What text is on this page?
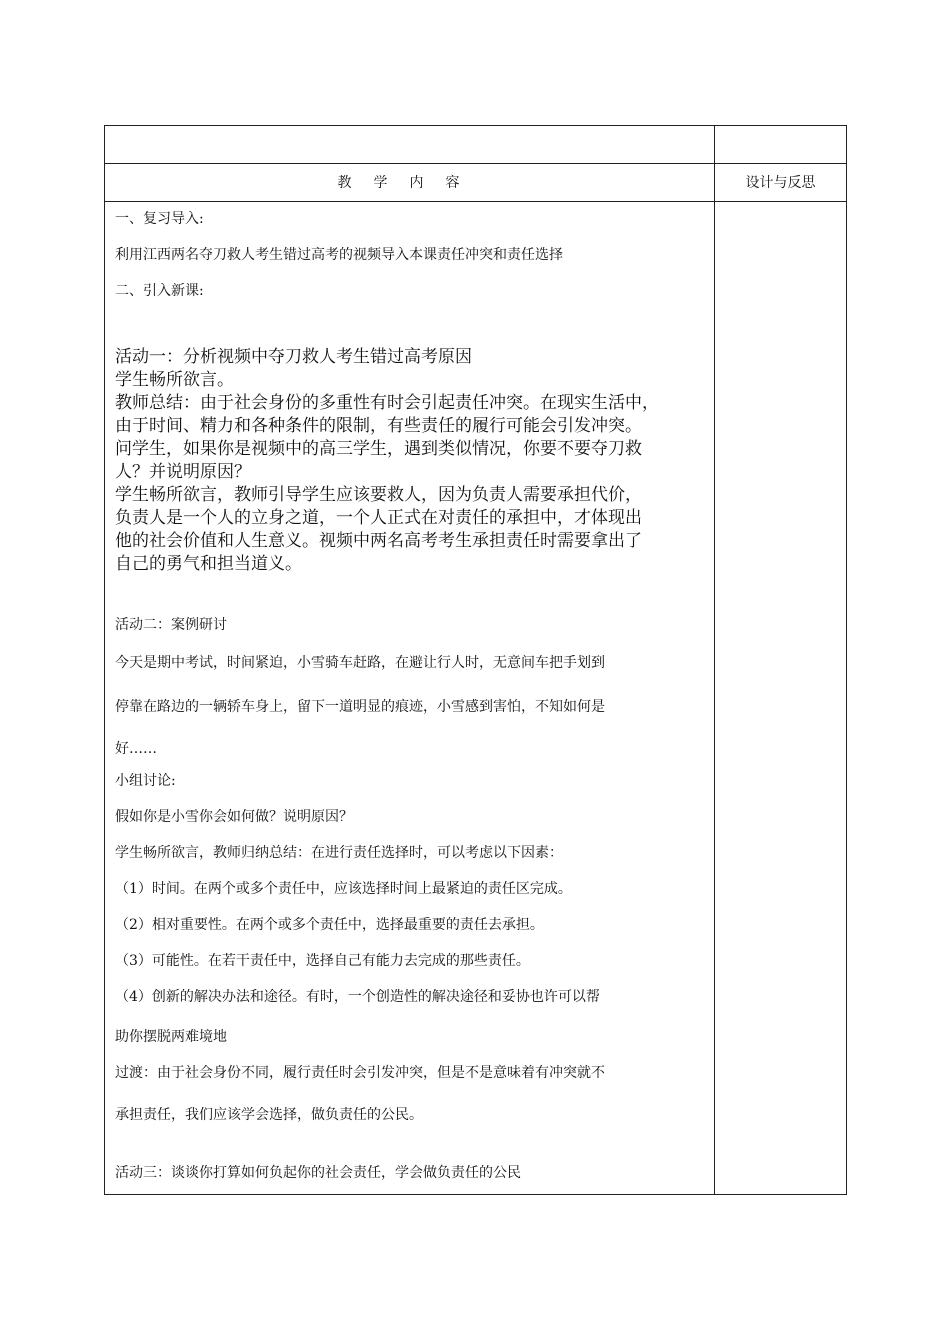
教学内容	设计与反思
一、复习导入:
利用江西两名夺刀救人考生错过高考的视频导入本课责任冲突和责任选择
二、引入新课:
活动一：分析视频中夺刀救人考生错过高考原因
学生畅所欲言。
教师总结：由于社会身份的多重性有时会引起责任冲突。在现实生活中，
由于时间、精力和各种条件的限制，有些责任的履行可能会引发冲突。
问学生，如果你是视频中的高三学生，遇到类似情况，你要不要夺刀救
人？并说明原因？
学生畅所欲言，教师引导学生应该要救人，因为负责人需要承担代价，
负责人是一个人的立身之道，一个人正式在对责任的承担中，才体现出
他的社会价值和人生意义。视频中两名高考考生承担责任时需要拿出了
自己的勇气和担当道义。
活动二：案例研讨
今天是期中考试，时间紧迫，小雪骑车赶路，在避让行人时，无意间车把手划到
停靠在路边的一辆轿车身上，留下一道明显的痕迹，小雪感到害怕，不知如何是
好……
小组讨论:
假如你是小雪你会如何做？说明原因？
学生畅所欲言，教师归纳总结：在进行责任选择时，可以考虑以下因素：
（1）时间。在两个或多个责任中，应该选择时间上最紧迫的责任区完成。
（2）相对重要性。在两个或多个责任中，选择最重要的责任去承担。
（3）可能性。在若干责任中，选择自己有能力去完成的那些责任。
（4）创新的解决办法和途径。有时，一个创造性的解决途径和妥协也许可以帮
助你摆脱两难境地
过渡：由于社会身份不同，履行责任时会引发冲突，但是不是意味着有冲突就不
承担责任，我们应该学会选择，做负责任的公民。
活动三：谈谈你打算如何负起你的社会责任，学会做负责任的公民
